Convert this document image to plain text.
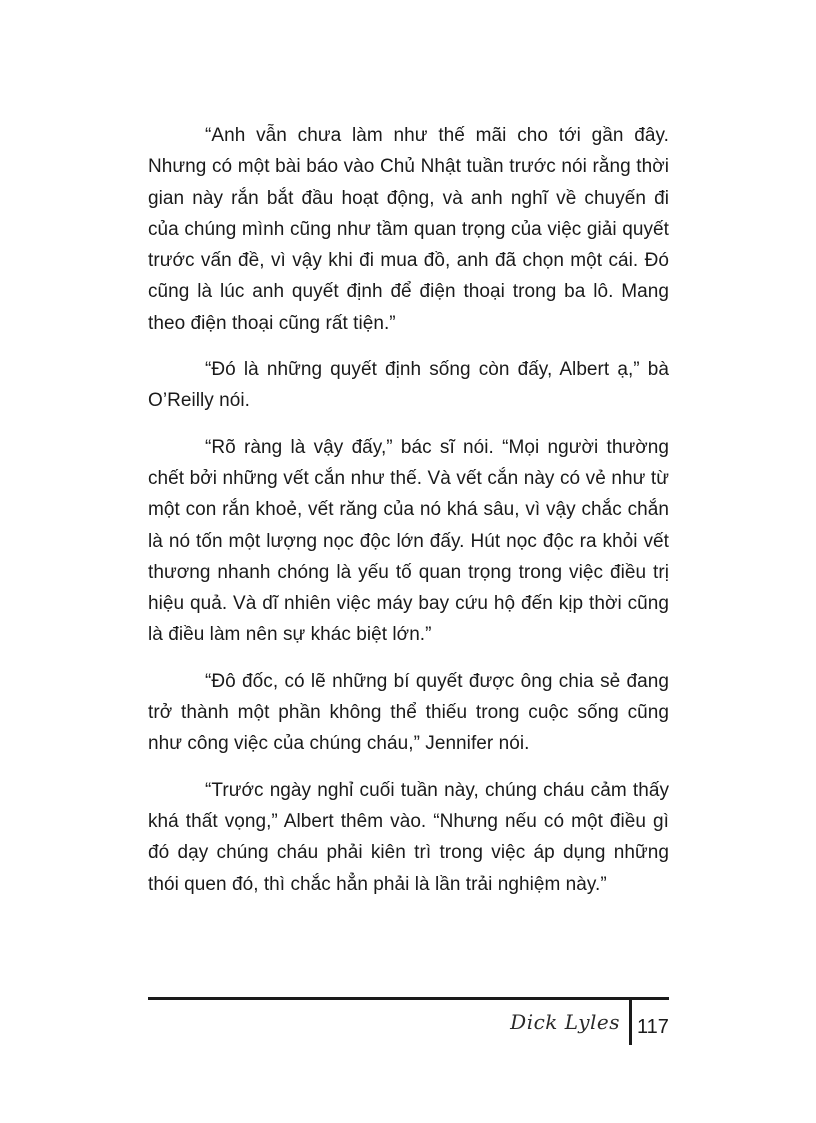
“Anh vẫn chưa làm như thế mãi cho tới gần đây. Nhưng có một bài báo vào Chủ Nhật tuần trước nói rằng thời gian này rắn bắt đầu hoạt động, và anh nghĩ về chuyến đi của chúng mình cũng như tầm quan trọng của việc giải quyết trước vấn đề, vì vậy khi đi mua đồ, anh đã chọn một cái. Đó cũng là lúc anh quyết định để điện thoại trong ba lô. Mang theo điện thoại cũng rất tiện.”

“Đó là những quyết định sống còn đấy, Albert ạ,” bà O’Reilly nói.

“Rõ ràng là vậy đấy,” bác sĩ nói. “Mọi người thường chết bởi những vết cắn như thế. Và vết cắn này có vẻ như từ một con rắn khoẻ, vết răng của nó khá sâu, vì vậy chắc chắn là nó tốn một lượng nọc độc lớn đấy. Hút nọc độc ra khỏi vết thương nhanh chóng là yếu tố quan trọng trong việc điều trị hiệu quả. Và dĩ nhiên việc máy bay cứu hộ đến kịp thời cũng là điều làm nên sự khác biệt lớn.”

“Đô đốc, có lẽ những bí quyết được ông chia sẻ đang trở thành một phần không thể thiếu trong cuộc sống cũng như công việc của chúng cháu,” Jennifer nói.

“Trước ngày nghỉ cuối tuần này, chúng cháu cảm thấy khá thất vọng,” Albert thêm vào. “Nhưng nếu có một điều gì đó dạy chúng cháu phải kiên trì trong việc áp dụng những thói quen đó, thì chắc hẳn phải là lần trải nghiệm này.”

Dick Lyles 117
